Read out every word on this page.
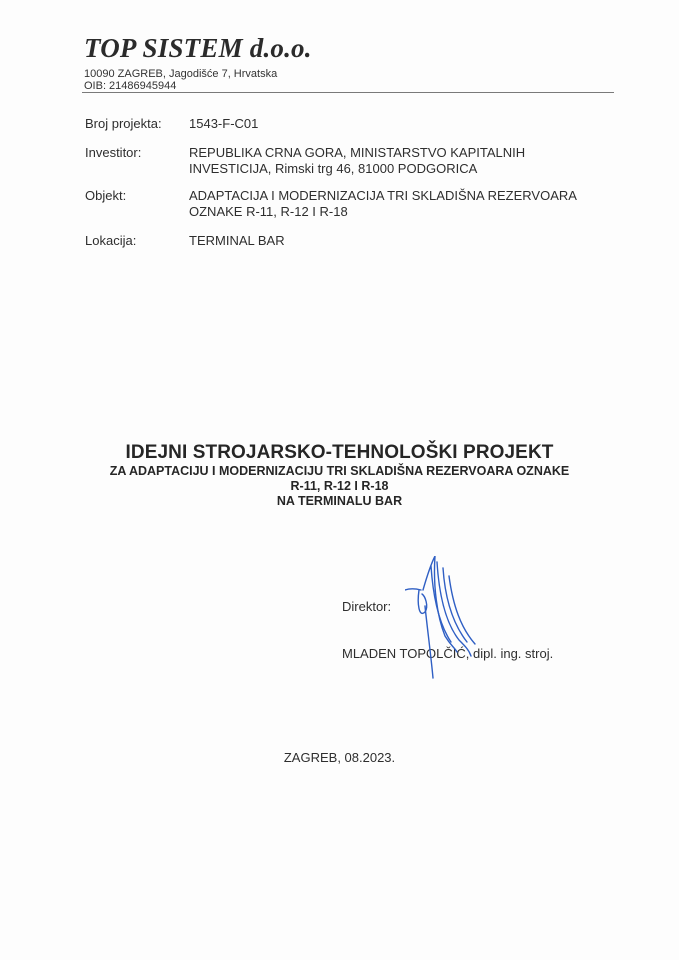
TOP SISTEM d.o.o.
10090 ZAGREB, Jagodišće 7, Hrvatska
OIB: 21486945944
Broj projekta: 1543-F-C01
Investitor:	REPUBLIKA CRNA GORA, MINISTARSTVO KAPITALNIH
INVESTICIJA, Rimski trg 46, 81000 PODGORICA
Objekt:	ADAPTACIJA I MODERNIZACIJA TRI SKLADIŠNA REZERVOARA
OZNAKE R-11, R-12 I R-18
Lokacija:	TERMINAL BAR
IDEJNI STROJARSKO-TEHNOLOŠKI PROJEKT
ZA ADAPTACIJU I MODERNIZACIJU TRI SKLADIŠNA REZERVOARA OZNAKE
R-11, R-12 I R-18
NA TERMINALU BAR
Direktor:
MLADEN TOPOLČIĆ, dipl. ing. stroj.
ZAGREB, 08.2023.
